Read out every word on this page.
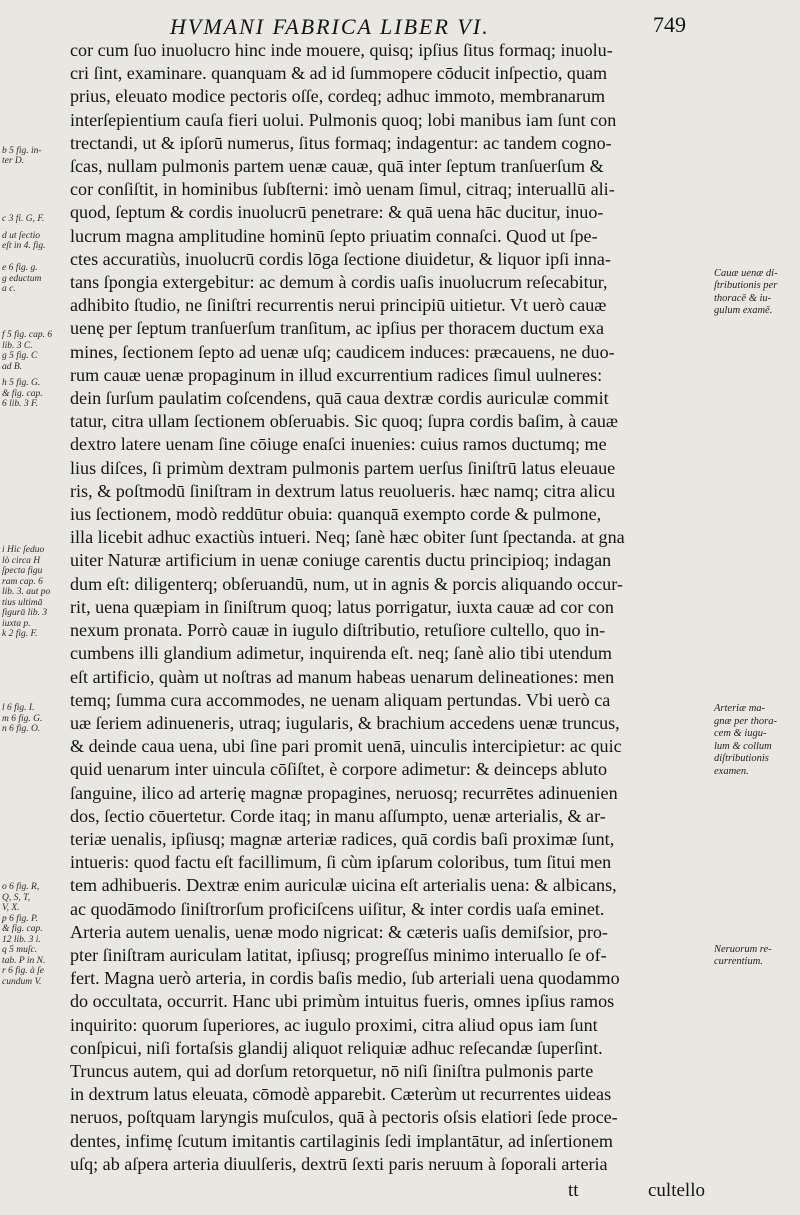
HVMANI FABRICA LIBER VI.	749
cor cum ſuo inuolucro hinc inde mouere, quisq; ipſius ſitus formaq; inuolu-
cri ſint, examinare. quanquam & ad id ſummopere cōducit inſpectio, quam
prius, eleuato modice pectoris oſſe, cordeq; adhuc immoto, membranarum
interſepientium cauſa fieri uolui. Pulmonis quoq; lobi manibus iam ſunt con
trectandi, ut & ipſorū numerus, ſitus formaq; indagentur: ac tandem cogno-
ſcas, nullam pulmonis partem uenæ cauæ, quā inter ſeptum tranſuerſum &
cor conſiſtit, in hominibus ſubſterni: imò uenam ſimul, citraq; interuallū ali-
quod, ſeptum & cordis inuolucrū penetrare: & quā uena hāc ducitur, inuo-
lucrum magna amplitudine hominū ſepto priuatim connaſci. Quod ut ſpe-
ctes accuratiùs, inuolucrū cordis lōga ſectione diuidetur, & liquor ipſi inna-
tans ſpongia extergebitur: ac demum à cordis uaſis inuolucrum reſecabitur,
adhibito ſtudio, ne ſiniſtri recurrentis nerui principiū uitietur. Vt uerò cauæ
uenę per ſeptum tranſuerſum tranſitum, ac ipſius per thoracem ductum exa
mines, ſectionem ſepto ad uenæ uſq; caudicem induces: præcauens, ne duo-
rum cauæ uenæ propaginum in illud excurrentium radices ſimul uulneres:
dein ſurſum paulatim coſcendens, quā caua dextræ cordis auriculæ commit
tatur, citra ullam ſectionem obſeruabis. Sic quoq; ſupra cordis baſim, à cauæ
dextro latere uenam ſine cōiuge enaſci inuenies: cuius ramos ductumq; me
lius diſces, ſi primùm dextram pulmonis partem uerſus ſiniſtrū latus eleuaue
ris, & poſtmodū ſiniſtram in dextrum latus reuolueris. hæc namq; citra alicu
ius ſectionem, modò reddūtur obuia: quanquā exempto corde & pulmone,
illa licebit adhuc exactiùs intueri. Neq; ſanè hæc obiter ſunt ſpectanda. at gna
uiter Naturæ artificium in uenæ coniuge carentis ductu principioq; indagan
dum eſt: diligenterq; obſeruandū, num, ut in agnis & porcis aliquando occur-
rit, uena quæpiam in ſiniſtrum quoq; latus porrigatur, iuxta cauæ ad cor con
nexum pronata. Porrò cauæ in iugulo diſtributio, retuſiore cultello, quo in-
cumbens illi glandium adimetur, inquirenda eſt. neq; ſanè alio tibi utendum
eſt artificio, quàm ut noſtras ad manum habeas uenarum delineationes: men
temq; ſumma cura accommodes, ne uenam aliquam pertundas. Vbi uerò ca
uæ ſeriem adinueneris, utraq; iugularis, & brachium accedens uenæ truncus,
& deinde caua uena, ubi ſine pari promit uenā, uinculis intercipietur: ac quic
quid uenarum inter uincula cōſiſtet, è corpore adimetur: & deinceps abluto
ſanguine, ilico ad arterię magnæ propagines, neruosq; recurrētes adinuenien
dos, ſectio cōuertetur. Corde itaq; in manu aſſumpto, uenæ arterialis, & ar-
teriæ uenalis, ipſiusq; magnæ arteriæ radices, quā cordis baſi proximæ ſunt,
intueris: quod factu eſt facillimum, ſi cùm ipſarum coloribus, tum ſitui men
tem adhibueris. Dextræ enim auriculæ uicina eſt arterialis uena: & albicans,
ac quodāmodo ſiniſtrorſum proficiſcens uiſitur, & inter cordis uaſa eminet.
Arteria autem uenalis, uenæ modo nigricat: & cæteris uaſis demiſsior, pro-
pter ſiniſtram auriculam latitat, ipſiusq; progreſſus minimo interuallo ſe of-
fert. Magna uerò arteria, in cordis baſis medio, ſub arteriali uena quodammo
do occultata, occurrit. Hanc ubi primùm intuitus fueris, omnes ipſius ramos
inquirito: quorum ſuperiores, ac iugulo proximi, citra aliud opus iam ſunt
conſpicui, niſi fortaſsis glandij aliquot reliquiæ adhuc reſecandæ ſuperſint.
Truncus autem, qui ad dorſum retorquetur, nō niſi ſiniſtra pulmonis parte
in dextrum latus eleuata, cōmodè apparebit. Cæterùm ut recurrentes uideas
neruos, poſtquam laryngis muſculos, quā à pectoris oſsis elatiori ſede proce-
dentes, infimę ſcutum imitantis cartilaginis ſedi implantātur, ad inſertionem
uſq; ab aſpera arteria diuulſeris, dextrū ſexti paris neruum à ſoporali arteria
b 5 fig. in-
ter D.
c 3 fi. G, F.
d ut ſectio
eſt in 4. fig.
e 6 fig. g.
g eductum
a c.
f 5 fig. cap. 6
lib. 3 C.
g 5 fig. C
ad B.
h 5 fig. G.
& fig. cap.
6 lib. 3 F.
i Hic ſeduo
lò circa H
ſpecta figu
ram cap. 6
lib. 3. aut po
tius ultimā
figurā lib. 3
iuxta p.
k 2 fig. F.
l 6 fig. I.
m 6 fig. G.
n 6 fig. O.
o 6 fig. R,
Q, S, T,
V, X.
p 6 fig. P.
& fig. cap.
12 lib. 3 i.
q 5 muſc.
tab. P in N.
r 6 fig. à ſe
cundum V.
Cauæ uenæ di-
ſtributionis per
thoracē & iu-
gulum examē.
Arteriæ ma-
gnæ per thora-
cem & iugu-
lum & collum
diſtributionis
examen.
Neruorum re-
currentium.
tt	cultello
